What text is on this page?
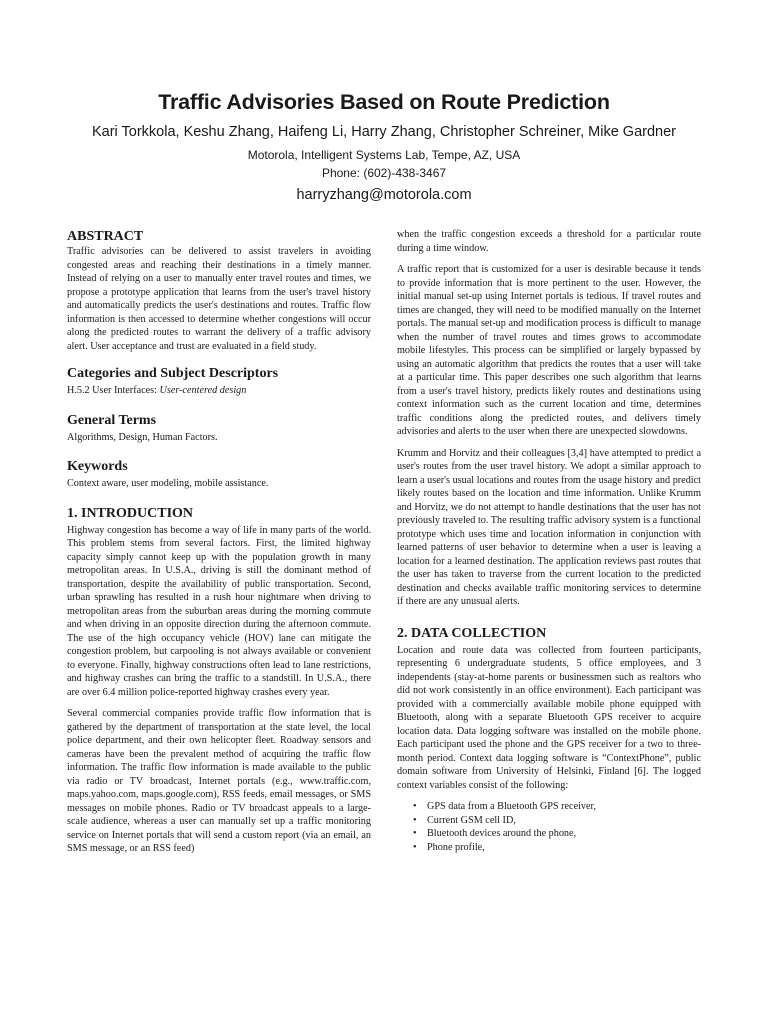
Traffic Advisories Based on Route Prediction
Kari Torkkola, Keshu Zhang, Haifeng Li, Harry Zhang, Christopher Schreiner, Mike Gardner
Motorola, Intelligent Systems Lab, Tempe, AZ, USA
Phone: (602)-438-3467
harryzhang@motorola.com
ABSTRACT

Traffic advisories can be delivered to assist travelers in avoiding congested areas and reaching their destinations in a timely manner. Instead of relying on a user to manually enter travel routes and times, we propose a prototype application that learns from the user's travel history and automatically predicts the user's destinations and routes. Traffic flow information is then accessed to determine whether congestions will occur along the predicted routes to warrant the delivery of a traffic advisory alert. User acceptance and trust are evaluated in a field study.

Categories and Subject Descriptors

H.5.2 User Interfaces: User-centered design

General Terms

Algorithms, Design, Human Factors.

Keywords

Context aware, user modeling, mobile assistance.

1. INTRODUCTION

Highway congestion has become a way of life in many parts of the world. This problem stems from several factors. First, the limited highway capacity simply cannot keep up with the population growth in many metropolitan areas. In U.S.A., driving is still the dominant method of transportation, despite the availability of public transportation. Second, urban sprawling has resulted in a rush hour nightmare when driving to metropolitan areas from the suburban areas during the morning commute and when driving in an opposite direction during the afternoon commute. The use of the high occupancy vehicle (HOV) lane can mitigate the congestion problem, but carpooling is not always available or convenient to everyone. Finally, highway constructions often lead to lane restrictions, and highway crashes can bring the traffic to a standstill. In U.S.A., there are over 6.4 million police-reported highway crashes every year.

Several commercial companies provide traffic flow information that is gathered by the department of transportation at the state level, the local police department, and their own helicopter fleet. Roadway sensors and cameras have been the prevalent method of acquiring the traffic flow information. The traffic flow information is made available to the public via radio or TV broadcast, Internet portals (e.g., www.traffic.com, maps.yahoo.com, maps.google.com), RSS feeds, email messages, or SMS messages on mobile phones. Radio or TV broadcast appeals to a large-scale audience, whereas a user can manually set up a traffic monitoring service on Internet portals that will send a custom report (via an email, an SMS message, or an RSS feed)

when the traffic congestion exceeds a threshold for a particular route during a time window.

A traffic report that is customized for a user is desirable because it tends to provide information that is more pertinent to the user. However, the initial manual set-up using Internet portals is tedious. If travel routes and times are changed, they will need to be modified manually on the Internet portals. The manual set-up and modification process is difficult to manage when the number of travel routes and times grows to accommodate mobile lifestyles. This process can be simplified or largely bypassed by using an automatic algorithm that predicts the routes that a user will take at a particular time. This paper describes one such algorithm that learns from a user's travel history, predicts likely routes and destinations using context information such as the current location and time, determines traffic conditions along the predicted routes, and delivers timely advisories and alerts to the user when there are unexpected slowdowns.

Krumm and Horvitz and their colleagues [3,4] have attempted to predict a user's routes from the user travel history. We adopt a similar approach to learn a user's usual locations and routes from the usage history and predict likely routes based on the location and time information. Unlike Krumm and Horvitz, we do not attempt to handle destinations that the user has not previously traveled to. The resulting traffic advisory system is a functional prototype which uses time and location information in conjunction with learned patterns of user behavior to determine when a user is leaving a location for a learned destination. The application reviews past routes that the user has taken to traverse from the current location to the predicted destination and checks available traffic monitoring services to determine if there are any unusual alerts.

2. DATA COLLECTION

Location and route data was collected from fourteen participants, representing 6 undergraduate students, 5 office employees, and 3 independents (stay-at-home parents or businessmen such as realtors who did not work consistently in an office environment). Each participant was provided with a commercially available mobile phone equipped with Bluetooth, along with a separate Bluetooth GPS receiver to acquire location data. Data logging software was installed on the mobile phone. Each participant used the phone and the GPS receiver for a two to three-month period. Context data logging software is “ContextPhone”, public domain software from University of Helsinki, Finland [6]. The logged context variables consist of the following:

• GPS data from a Bluetooth GPS receiver,
• Current GSM cell ID,
• Bluetooth devices around the phone,
• Phone profile,
